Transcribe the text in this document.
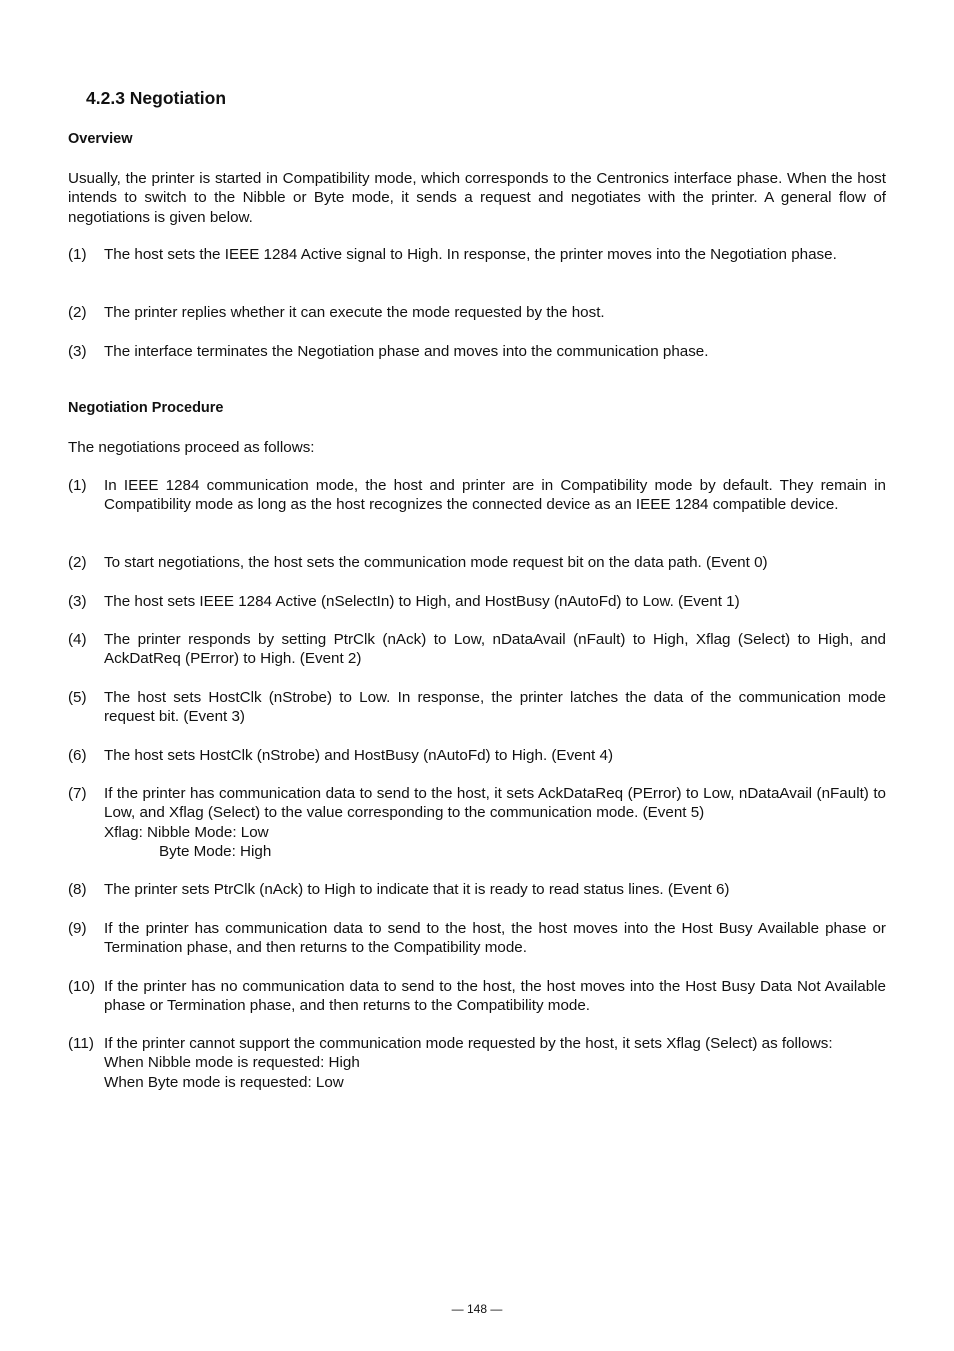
4.2.3 Negotiation
Overview
Usually, the printer is started in Compatibility mode, which corresponds to the Centronics interface phase. When the host intends to switch to the Nibble or Byte mode, it sends a request and negotiates with the printer. A general flow of negotiations is given below.
(1) The host sets the IEEE 1284 Active signal to High. In response, the printer moves into the Negotiation phase.
(2) The printer replies whether it can execute the mode requested by the host.
(3) The interface terminates the Negotiation phase and moves into the communication phase.
Negotiation Procedure
The negotiations proceed as follows:
(1) In IEEE 1284 communication mode, the host and printer are in Compatibility mode by default. They remain in Compatibility mode as long as the host recognizes the connected device as an IEEE 1284 compatible device.
(2) To start negotiations, the host sets the communication mode request bit on the data path. (Event 0)
(3) The host sets IEEE 1284 Active (nSelectIn) to High, and HostBusy (nAutoFd) to Low. (Event 1)
(4) The printer responds by setting PtrClk (nAck) to Low, nDataAvail (nFault) to High, Xflag (Select) to High, and AckDatReq (PError) to High. (Event 2)
(5) The host sets HostClk (nStrobe) to Low. In response, the printer latches the data of the communication mode request bit. (Event 3)
(6) The host sets HostClk (nStrobe) and HostBusy (nAutoFd) to High. (Event 4)
(7) If the printer has communication data to send to the host, it sets AckDataReq (PError) to Low, nDataAvail (nFault) to Low, and Xflag (Select) to the value corresponding to the communication mode. (Event 5)
Xflag: Nibble Mode: Low
Byte Mode: High
(8) The printer sets PtrClk (nAck) to High to indicate that it is ready to read status lines. (Event 6)
(9) If the printer has communication data to send to the host, the host moves into the Host Busy Available phase or Termination phase, and then returns to the Compatibility mode.
(10) If the printer has no communication data to send to the host, the host moves into the Host Busy Data Not Available phase or Termination phase, and then returns to the Compatibility mode.
(11) If the printer cannot support the communication mode requested by the host, it sets Xflag (Select) as follows:
When Nibble mode is requested: High
When Byte mode is requested: Low
— 148 —
